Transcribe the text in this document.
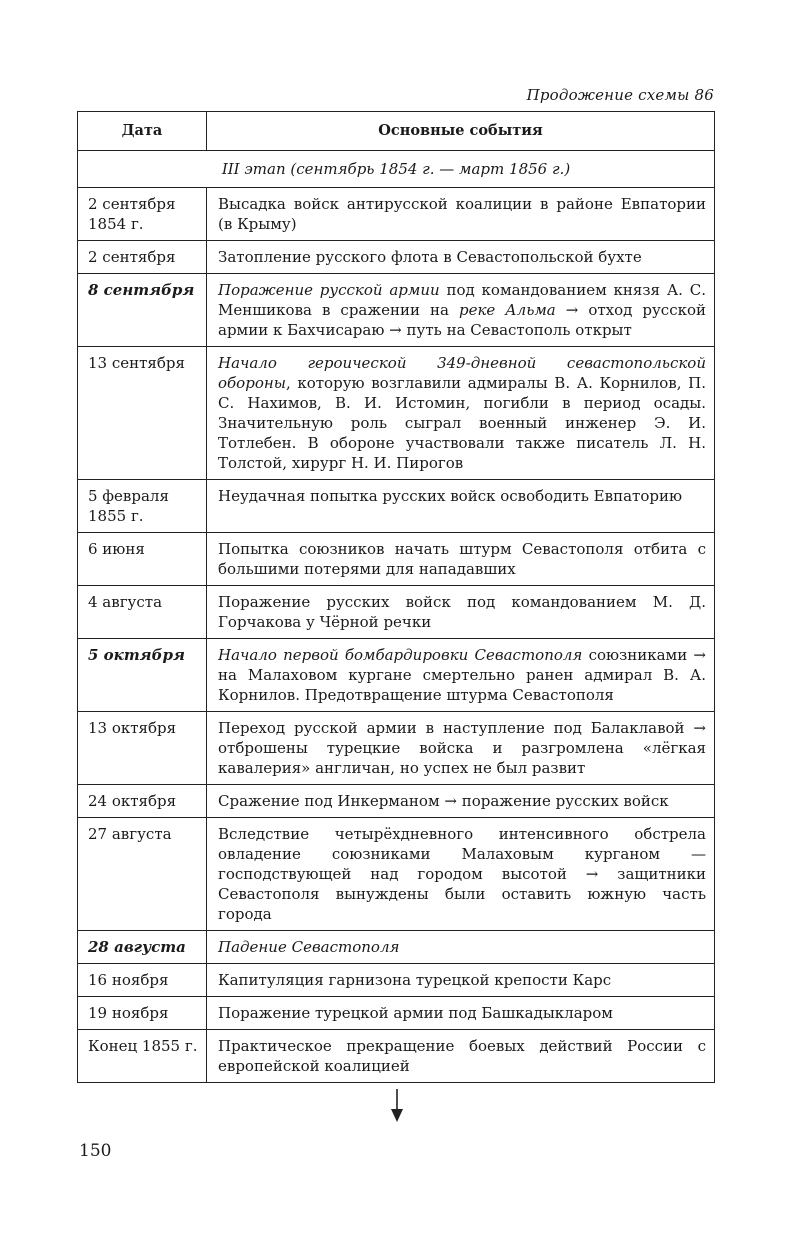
Продожение схемы 86
Дата	Основные события
III этап (сентябрь 1854 г. — март 1856 г.)	
2 сентября 1854 г.	Высадка войск антирусской коалиции в районе Евпатории (в Крыму)
2 сентября	Затопление русского флота в Севастопольской бухте
8 сентября	Поражение русской армии под командованием князя А. С. Меншикова в сражении на реке Альма → отход русской армии к Бахчисараю → путь на Севастополь открыт
13 сентября	Начало героической 349-дневной севастопольской обороны, которую возглавили адмиралы В. А. Корнилов, П. С. Нахимов, В. И. Истомин, погибли в период осады. Значительную роль сыграл военный инженер Э. И. Тотлебен. В обороне участвовали также писатель Л. Н. Толстой, хирург Н. И. Пирогов
5 февраля 1855 г.	Неудачная попытка русских войск освободить Евпаторию
6 июня	Попытка союзников начать штурм Севастополя отбита с большими потерями для нападавших
4 августа	Поражение русских войск под командованием М. Д. Горчакова у Чёрной речки
5 октября	Начало первой бомбардировки Севастополя союзниками → на Малаховом кургане смертельно ранен адмирал В. А. Корнилов. Предотвращение штурма Севастополя
13 октября	Переход русской армии в наступление под Балаклавой → отброшены турецкие войска и разгромлена «лёгкая кавалерия» англичан, но успех не был развит
24 октября	Сражение под Инкерманом → поражение русских войск
27 августа	Вследствие четырёхдневного интенсивного обстрела овладение союзниками Малаховым курганом — господствующей над городом высотой → защитники Севастополя вынуждены были оставить южную часть города
28 августа	Падение Севастополя
16 ноября	Капитуляция гарнизона турецкой крепости Карс
19 ноября	Поражение турецкой армии под Башкадыкларом
Конец 1855 г.	Практическое прекращение боевых действий России с европейской коалицией
150
